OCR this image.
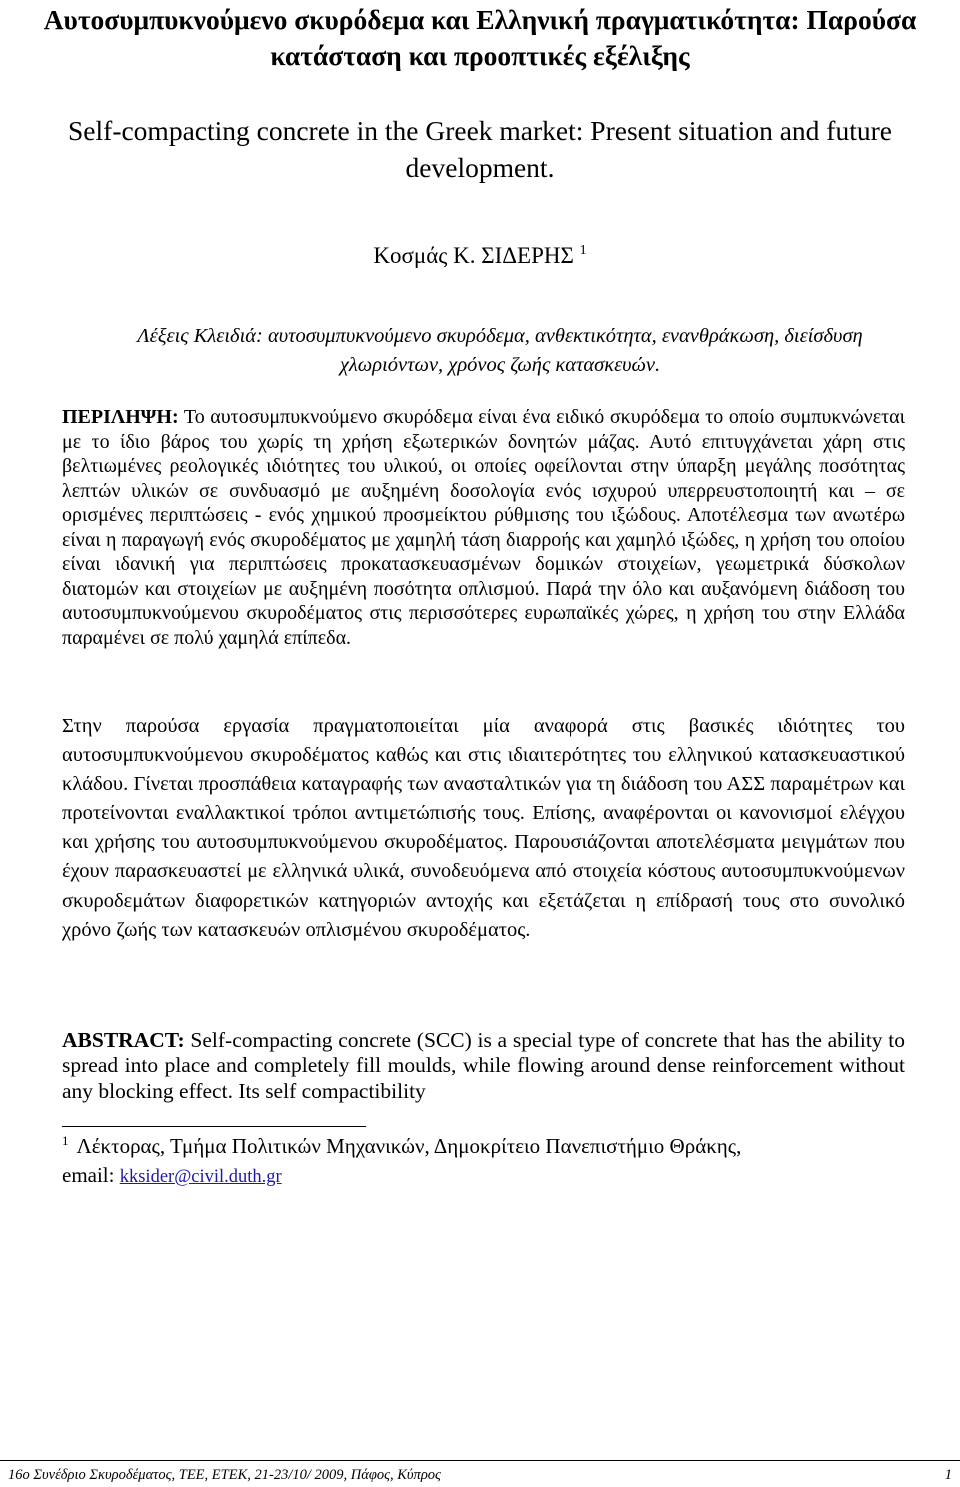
Αυτοσυμπυκνούμενο σκυρόδεμα και Ελληνική πραγματικότητα: Παρούσα κατάσταση και προοπτικές εξέλιξης
Self-compacting concrete in the Greek market: Present situation and future development.
Κοσμάς Κ. ΣΙΔΕΡΗΣ $^1$
Λέξεις Κλειδιά: αυτοσυμπυκνούμενο σκυρόδεμα, ανθεκτικότητα, ενανθράκωση, διείσδυση χλωριόντων, χρόνος ζωής κατασκευών.
ΠΕΡΙΛΗΨΗ: Το αυτοσυμπυκνούμενο σκυρόδεμα είναι ένα ειδικό σκυρόδεμα το οποίο συμπυκνώνεται με το ίδιο βάρος του χωρίς τη χρήση εξωτερικών δονητών μάζας. Αυτό επιτυγχάνεται χάρη στις βελτιωμένες ρεολογικές ιδιότητες του υλικού, οι οποίες οφείλονται στην ύπαρξη μεγάλης ποσότητας λεπτών υλικών σε συνδυασμό με αυξημένη δοσολογία ενός ισχυρού υπερρευστοποιητή και – σε ορισμένες περιπτώσεις - ενός χημικού προσμείκτου ρύθμισης του ιξώδους. Αποτέλεσμα των ανωτέρω είναι η παραγωγή ενός σκυροδέματος με χαμηλή τάση διαρροής και χαμηλό ιξώδες, η χρήση του οποίου είναι ιδανική για περιπτώσεις προκατασκευασμένων δομικών στοιχείων, γεωμετρικά δύσκολων διατομών και στοιχείων με αυξημένη ποσότητα οπλισμού. Παρά την όλο και αυξανόμενη διάδοση του αυτοσυμπυκνούμενου σκυροδέματος στις περισσότερες ευρωπαϊκές χώρες, η χρήση του στην Ελλάδα παραμένει σε πολύ χαμηλά επίπεδα.
Στην παρούσα εργασία πραγματοποιείται μία αναφορά στις βασικές ιδιότητες του αυτοσυμπυκνούμενου σκυροδέματος καθώς και στις ιδιαιτερότητες του ελληνικού κατασκευαστικού κλάδου. Γίνεται προσπάθεια καταγραφής των ανασταλτικών για τη διάδοση του ΑΣΣ παραμέτρων και προτείνονται εναλλακτικοί τρόποι αντιμετώπισής τους. Επίσης, αναφέρονται οι κανονισμοί ελέγχου και χρήσης του αυτοσυμπυκνούμενου σκυροδέματος. Παρουσιάζονται αποτελέσματα μειγμάτων που έχουν παρασκευαστεί με ελληνικά υλικά, συνοδευόμενα από στοιχεία κόστους αυτοσυμπυκνούμενων σκυροδεμάτων διαφορετικών κατηγοριών αντοχής και εξετάζεται η επίδρασή τους στο συνολικό χρόνο ζωής των κατασκευών οπλισμένου σκυροδέματος.

ABSTRACT: Self-compacting concrete (SCC) is a special type of concrete that has the ability to spread into place and completely fill moulds, while flowing around dense reinforcement without any blocking effect. Its self compactibility

$^1$ Λέκτορας, Τμήμα Πολιτικών Μηχανικών, Δημοκρίτειο Πανεπιστήμιο Θράκης,
email: kksider@civil.duth.gr
16ο Συνέδριο Σκυροδέματος, ΤΕΕ, ΕΤΕΚ, 21-23/10/ 2009, Πάφος, Κύπρος	1
